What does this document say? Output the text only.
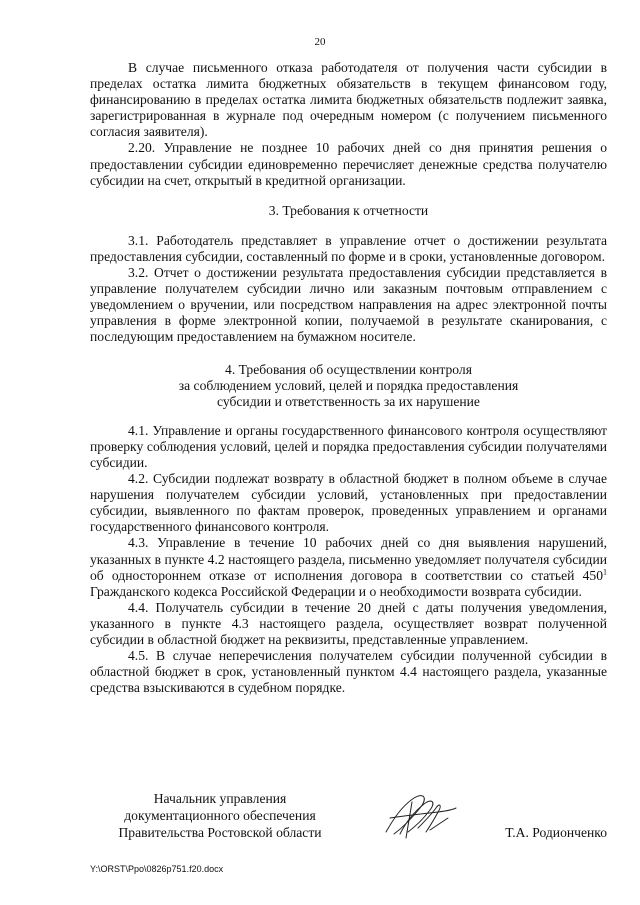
20

В случае письменного отказа работодателя от получения части субсидии в пределах остатка лимита бюджетных обязательств в текущем финансовом году, финансированию в пределах остатка лимита бюджетных обязательств подлежит заявка, зарегистрированная в журнале под очередным номером (с получением письменного согласия заявителя).

2.20. Управление не позднее 10 рабочих дней со дня принятия решения о предоставлении субсидии единовременно перечисляет денежные средства получателю субсидии на счет, открытый в кредитной организации.

3. Требования к отчетности

3.1. Работодатель представляет в управление отчет о достижении результата предоставления субсидии, составленный по форме и в сроки, установленные договором.

3.2. Отчет о достижении результата предоставления субсидии представляется в управление получателем субсидии лично или заказным почтовым отправлением с уведомлением о вручении, или посредством направления на адрес электронной почты управления в форме электронной копии, получаемой в результате сканирования, с последующим предоставлением на бумажном носителе.

4. Требования об осуществлении контроля
за соблюдением условий, целей и порядка предоставления
субсидии и ответственность за их нарушение

4.1. Управление и органы государственного финансового контроля осуществляют проверку соблюдения условий, целей и порядка предоставления субсидии получателями субсидии.

4.2. Субсидии подлежат возврату в областной бюджет в полном объеме в случае нарушения получателем субсидии условий, установленных при предоставлении субсидии, выявленного по фактам проверок, проведенных управлением и органами государственного финансового контроля.

4.3. Управление в течение 10 рабочих дней со дня выявления нарушений, указанных в пункте 4.2 настоящего раздела, письменно уведомляет получателя субсидии об одностороннем отказе от исполнения договора в соответствии со статьей $450^1$ Гражданского кодекса Российской Федерации и о необходимости возврата субсидии.

4.4. Получатель субсидии в течение 20 дней с даты получения уведомления, указанного в пункте 4.3 настоящего раздела, осуществляет возврат полученной субсидии в областной бюджет на реквизиты, представленные управлением.

4.5. В случае неперечисления получателем субсидии полученной субсидии в областной бюджет в срок, установленный пунктом 4.4 настоящего раздела, указанные средства взыскиваются в судебном порядке.

Начальник управления
документационного обеспечения
Правительства Ростовской области	Т.А. Родионченко
Y:\ORST\Ppo\0826p751.f20.docx
